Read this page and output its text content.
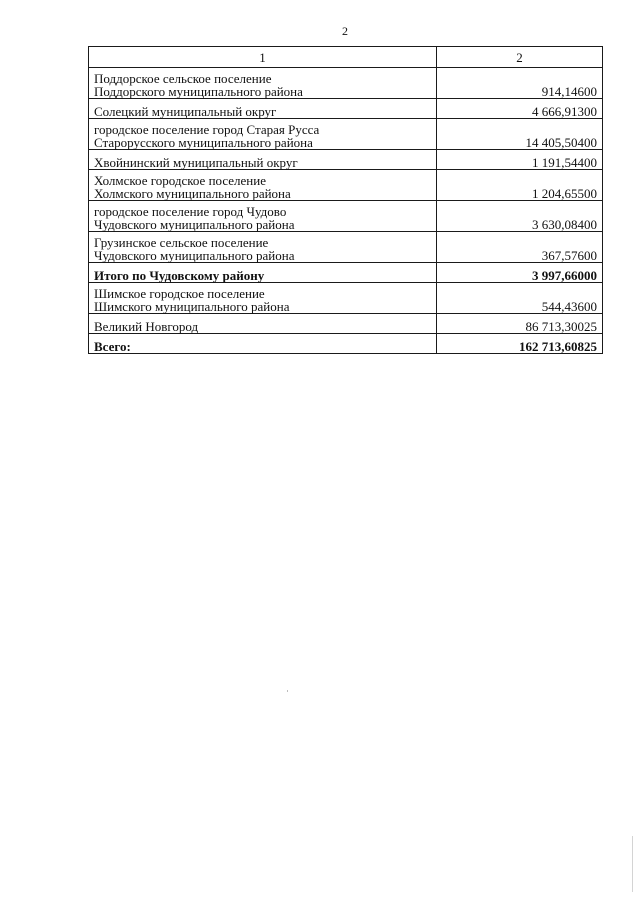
2
1	2

Поддорское сельское поселение
Поддорского муниципального района	914,14600

Солецкий муниципальный округ	4 666,91300

городское поселение город Старая Русса
Старорусского муниципального района	14 405,50400

Хвойнинский муниципальный округ	1 191,54400

Холмское городское поселение
Холмского муниципального района	1 204,65500

городское поселение город Чудово
Чудовского муниципального района	3 630,08400

Грузинское сельское поселение
Чудовского муниципального района	367,57600

Итого по Чудовскому району	3 997,66000

Шимское городское поселение
Шимского муниципального района	544,43600

Великий Новгород	86 713,30025

Всего:	162 713,60825
